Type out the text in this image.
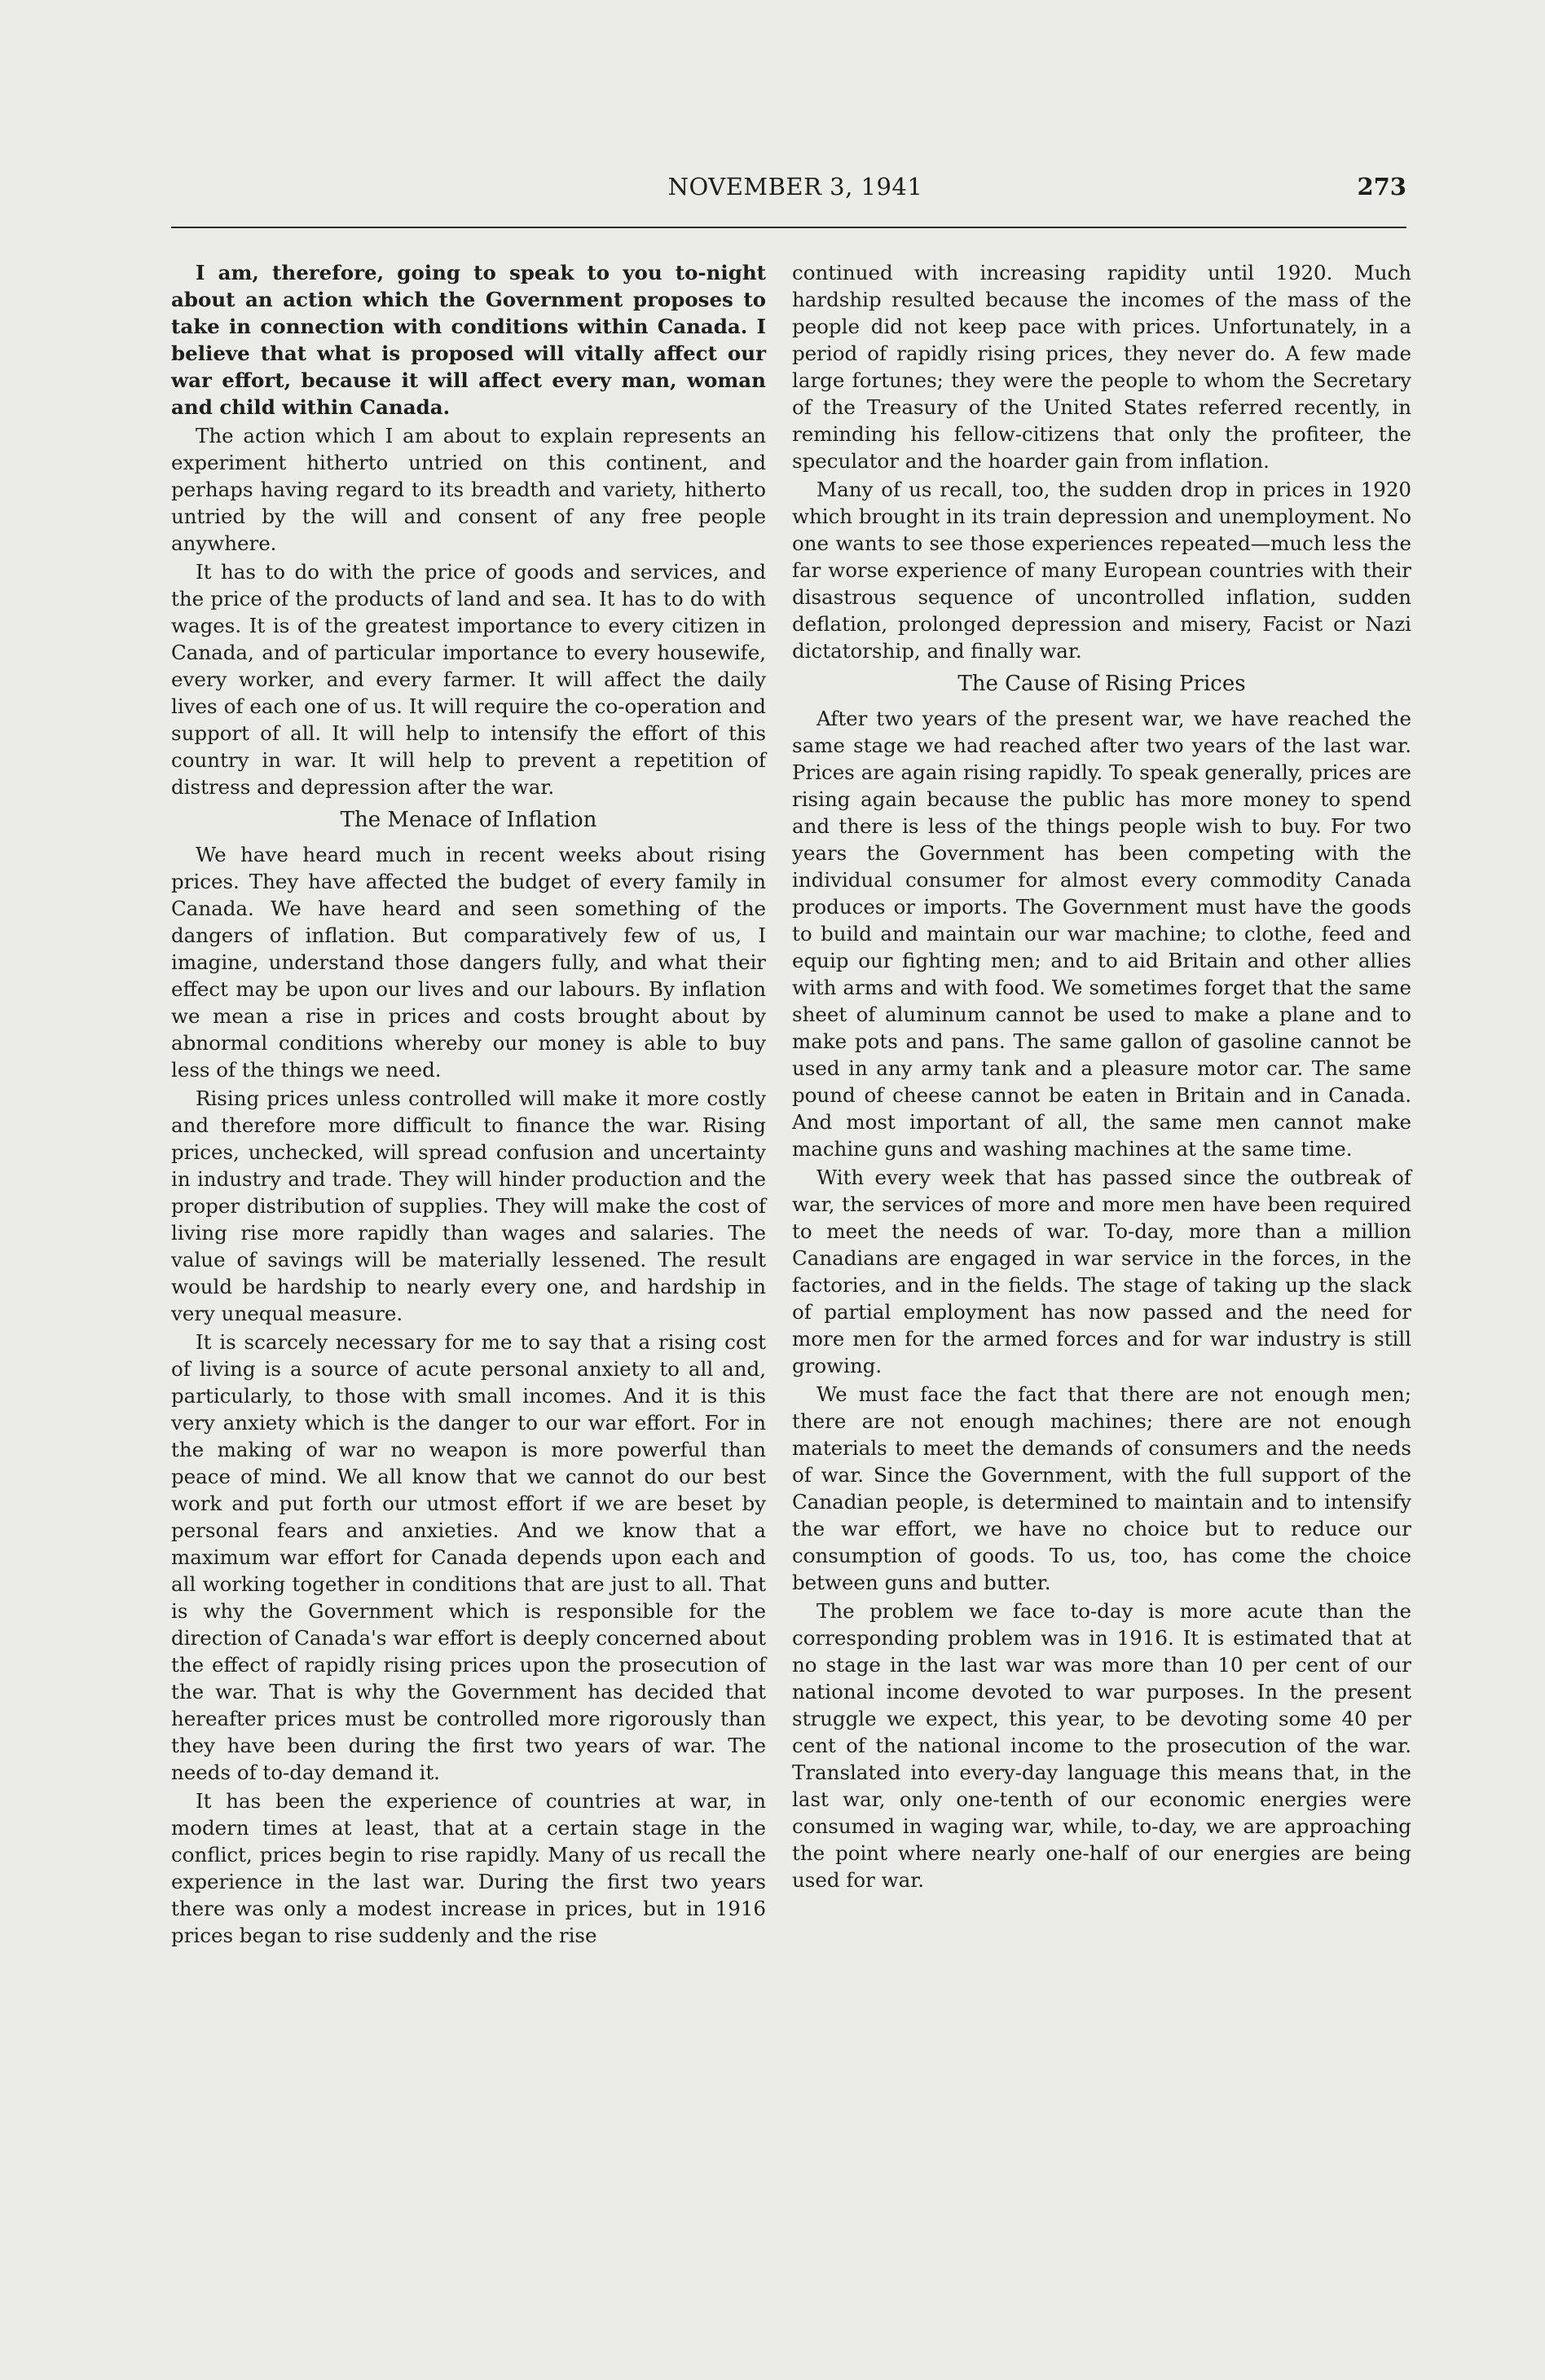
NOVEMBER 3, 1941	273

I am, therefore, going to speak to you to-night about an action which the Government proposes to take in connection with conditions within Canada. I believe that what is proposed will vitally affect our war effort, because it will affect every man, woman and child within Canada.

The action which I am about to explain represents an experiment hitherto untried on this continent, and perhaps having regard to its breadth and variety, hitherto untried by the will and consent of any free people anywhere.

It has to do with the price of goods and services, and the price of the products of land and sea. It has to do with wages. It is of the greatest importance to every citizen in Canada, and of particular importance to every housewife, every worker, and every farmer. It will affect the daily lives of each one of us. It will require the co-operation and support of all. It will help to intensify the effort of this country in war. It will help to prevent a repetition of distress and depression after the war.

The Menace of Inflation

We have heard much in recent weeks about rising prices. They have affected the budget of every family in Canada. We have heard and seen something of the dangers of inflation. But comparatively few of us, I imagine, understand those dangers fully, and what their effect may be upon our lives and our labours. By inflation we mean a rise in prices and costs brought about by abnormal conditions whereby our money is able to buy less of the things we need.

Rising prices unless controlled will make it more costly and therefore more difficult to finance the war. Rising prices, unchecked, will spread confusion and uncertainty in industry and trade. They will hinder production and the proper distribution of supplies. They will make the cost of living rise more rapidly than wages and salaries. The value of savings will be materially lessened. The result would be hardship to nearly every one, and hardship in very unequal measure.

It is scarcely necessary for me to say that a rising cost of living is a source of acute personal anxiety to all and, particularly, to those with small incomes. And it is this very anxiety which is the danger to our war effort. For in the making of war no weapon is more powerful than peace of mind. We all know that we cannot do our best work and put forth our utmost effort if we are beset by personal fears and anxieties. And we know that a maximum war effort for Canada depends upon each and all working together in conditions that are just to all. That is why the Government which is responsible for the direction of Canada's war effort is deeply concerned about the effect of rapidly rising prices upon the prosecution of the war. That is why the Government has decided that hereafter prices must be controlled more rigorously than they have been during the first two years of war. The needs of to-day demand it.

It has been the experience of countries at war, in modern times at least, that at a certain stage in the conflict, prices begin to rise rapidly. Many of us recall the experience in the last war. During the first two years there was only a modest increase in prices, but in 1916 prices began to rise suddenly and the rise

continued with increasing rapidity until 1920. Much hardship resulted because the incomes of the mass of the people did not keep pace with prices. Unfortunately, in a period of rapidly rising prices, they never do. A few made large fortunes; they were the people to whom the Secretary of the Treasury of the United States referred recently, in reminding his fellow-citizens that only the profiteer, the speculator and the hoarder gain from inflation.

Many of us recall, too, the sudden drop in prices in 1920 which brought in its train depression and unemployment. No one wants to see those experiences repeated—much less the far worse experience of many European countries with their disastrous sequence of uncontrolled inflation, sudden deflation, prolonged depression and misery, Facist or Nazi dictatorship, and finally war.

The Cause of Rising Prices

After two years of the present war, we have reached the same stage we had reached after two years of the last war. Prices are again rising rapidly. To speak generally, prices are rising again because the public has more money to spend and there is less of the things people wish to buy. For two years the Government has been competing with the individual consumer for almost every commodity Canada produces or imports. The Government must have the goods to build and maintain our war machine; to clothe, feed and equip our fighting men; and to aid Britain and other allies with arms and with food. We sometimes forget that the same sheet of aluminum cannot be used to make a plane and to make pots and pans. The same gallon of gasoline cannot be used in any army tank and a pleasure motor car. The same pound of cheese cannot be eaten in Britain and in Canada. And most important of all, the same men cannot make machine guns and washing machines at the same time.

With every week that has passed since the outbreak of war, the services of more and more men have been required to meet the needs of war. To-day, more than a million Canadians are engaged in war service in the forces, in the factories, and in the fields. The stage of taking up the slack of partial employment has now passed and the need for more men for the armed forces and for war industry is still growing.

We must face the fact that there are not enough men; there are not enough machines; there are not enough materials to meet the demands of consumers and the needs of war. Since the Government, with the full support of the Canadian people, is determined to maintain and to intensify the war effort, we have no choice but to reduce our consumption of goods. To us, too, has come the choice between guns and butter.

The problem we face to-day is more acute than the corresponding problem was in 1916. It is estimated that at no stage in the last war was more than 10 per cent of our national income devoted to war purposes. In the present struggle we expect, this year, to be devoting some 40 per cent of the national income to the prosecution of the war. Translated into every-day language this means that, in the last war, only one-tenth of our economic energies were consumed in waging war, while, to-day, we are approaching the point where nearly one-half of our energies are being used for war.
